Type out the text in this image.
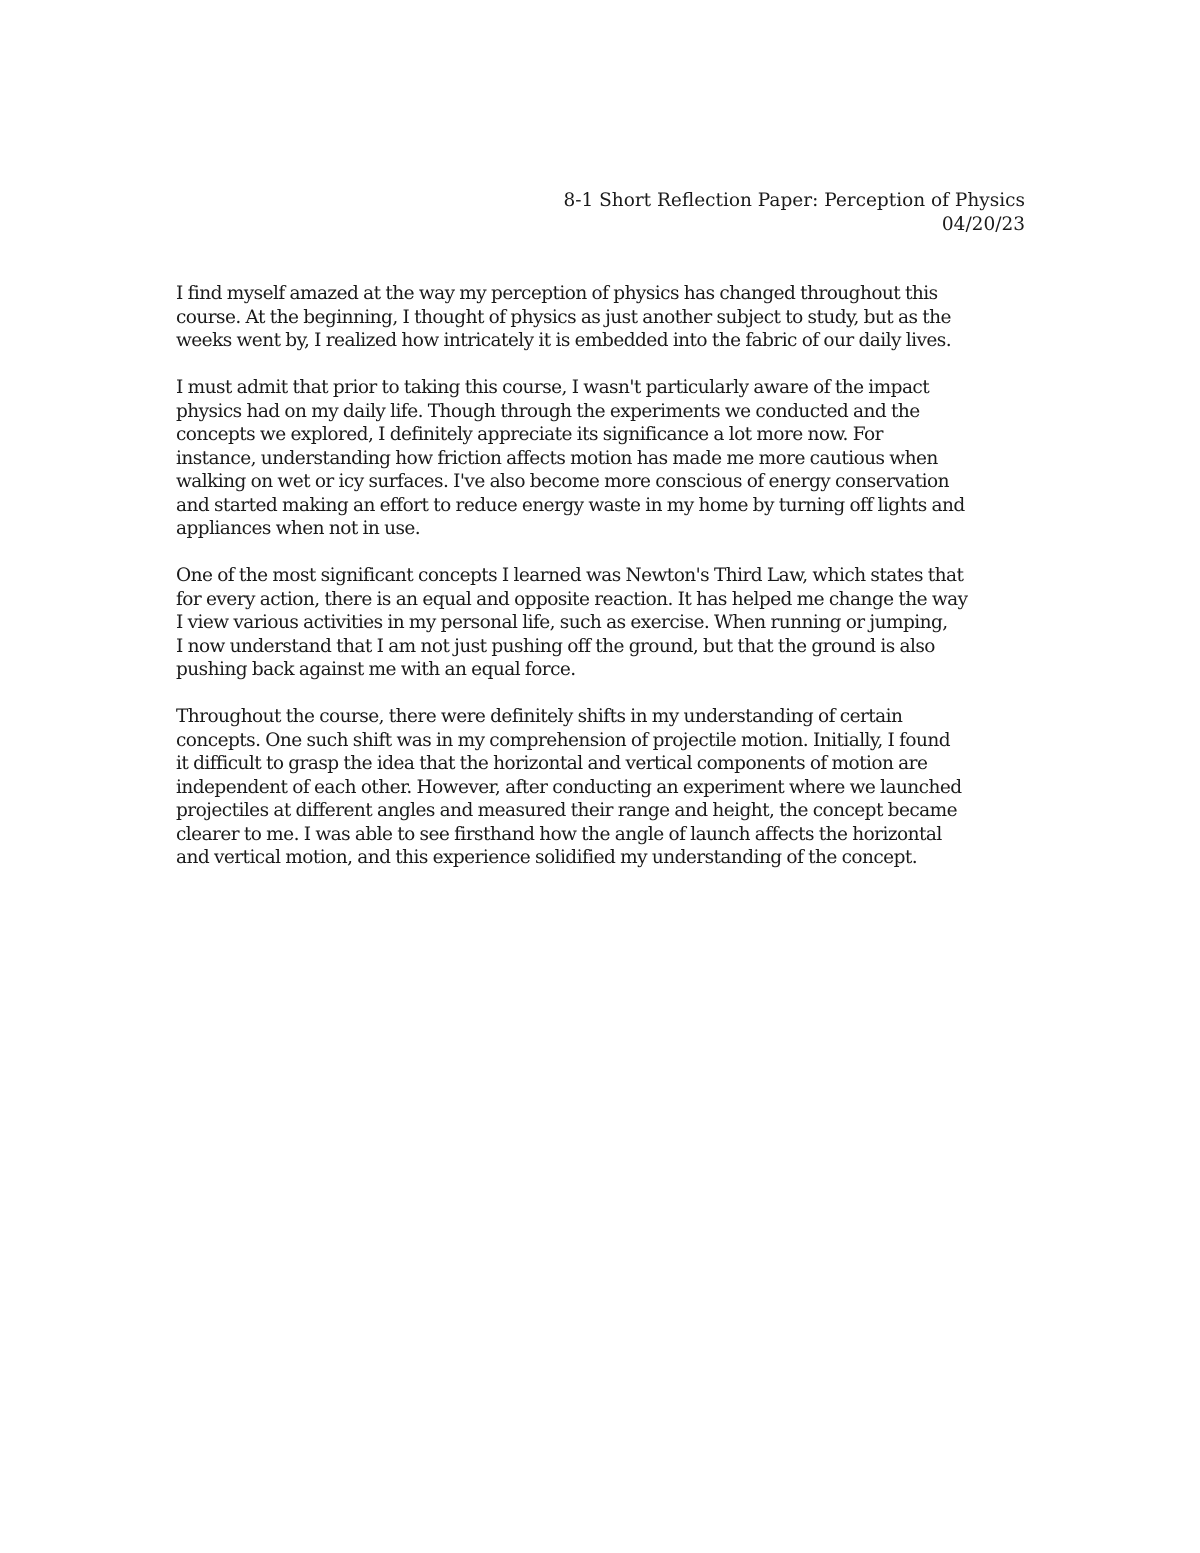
8-1 Short Reflection Paper: Perception of Physics
04/20/23

I find myself amazed at the way my perception of physics has changed throughout this
course. At the beginning, I thought of physics as just another subject to study, but as the
weeks went by, I realized how intricately it is embedded into the fabric of our daily lives.

I must admit that prior to taking this course, I wasn't particularly aware of the impact
physics had on my daily life. Though through the experiments we conducted and the
concepts we explored, I definitely appreciate its significance a lot more now. For
instance, understanding how friction affects motion has made me more cautious when
walking on wet or icy surfaces. I've also become more conscious of energy conservation
and started making an effort to reduce energy waste in my home by turning off lights and
appliances when not in use.

One of the most significant concepts I learned was Newton's Third Law, which states that
for every action, there is an equal and opposite reaction. It has helped me change the way
I view various activities in my personal life, such as exercise. When running or jumping,
I now understand that I am not just pushing off the ground, but that the ground is also
pushing back against me with an equal force.

Throughout the course, there were definitely shifts in my understanding of certain
concepts. One such shift was in my comprehension of projectile motion. Initially, I found
it difficult to grasp the idea that the horizontal and vertical components of motion are
independent of each other. However, after conducting an experiment where we launched
projectiles at different angles and measured their range and height, the concept became
clearer to me. I was able to see firsthand how the angle of launch affects the horizontal
and vertical motion, and this experience solidified my understanding of the concept.
